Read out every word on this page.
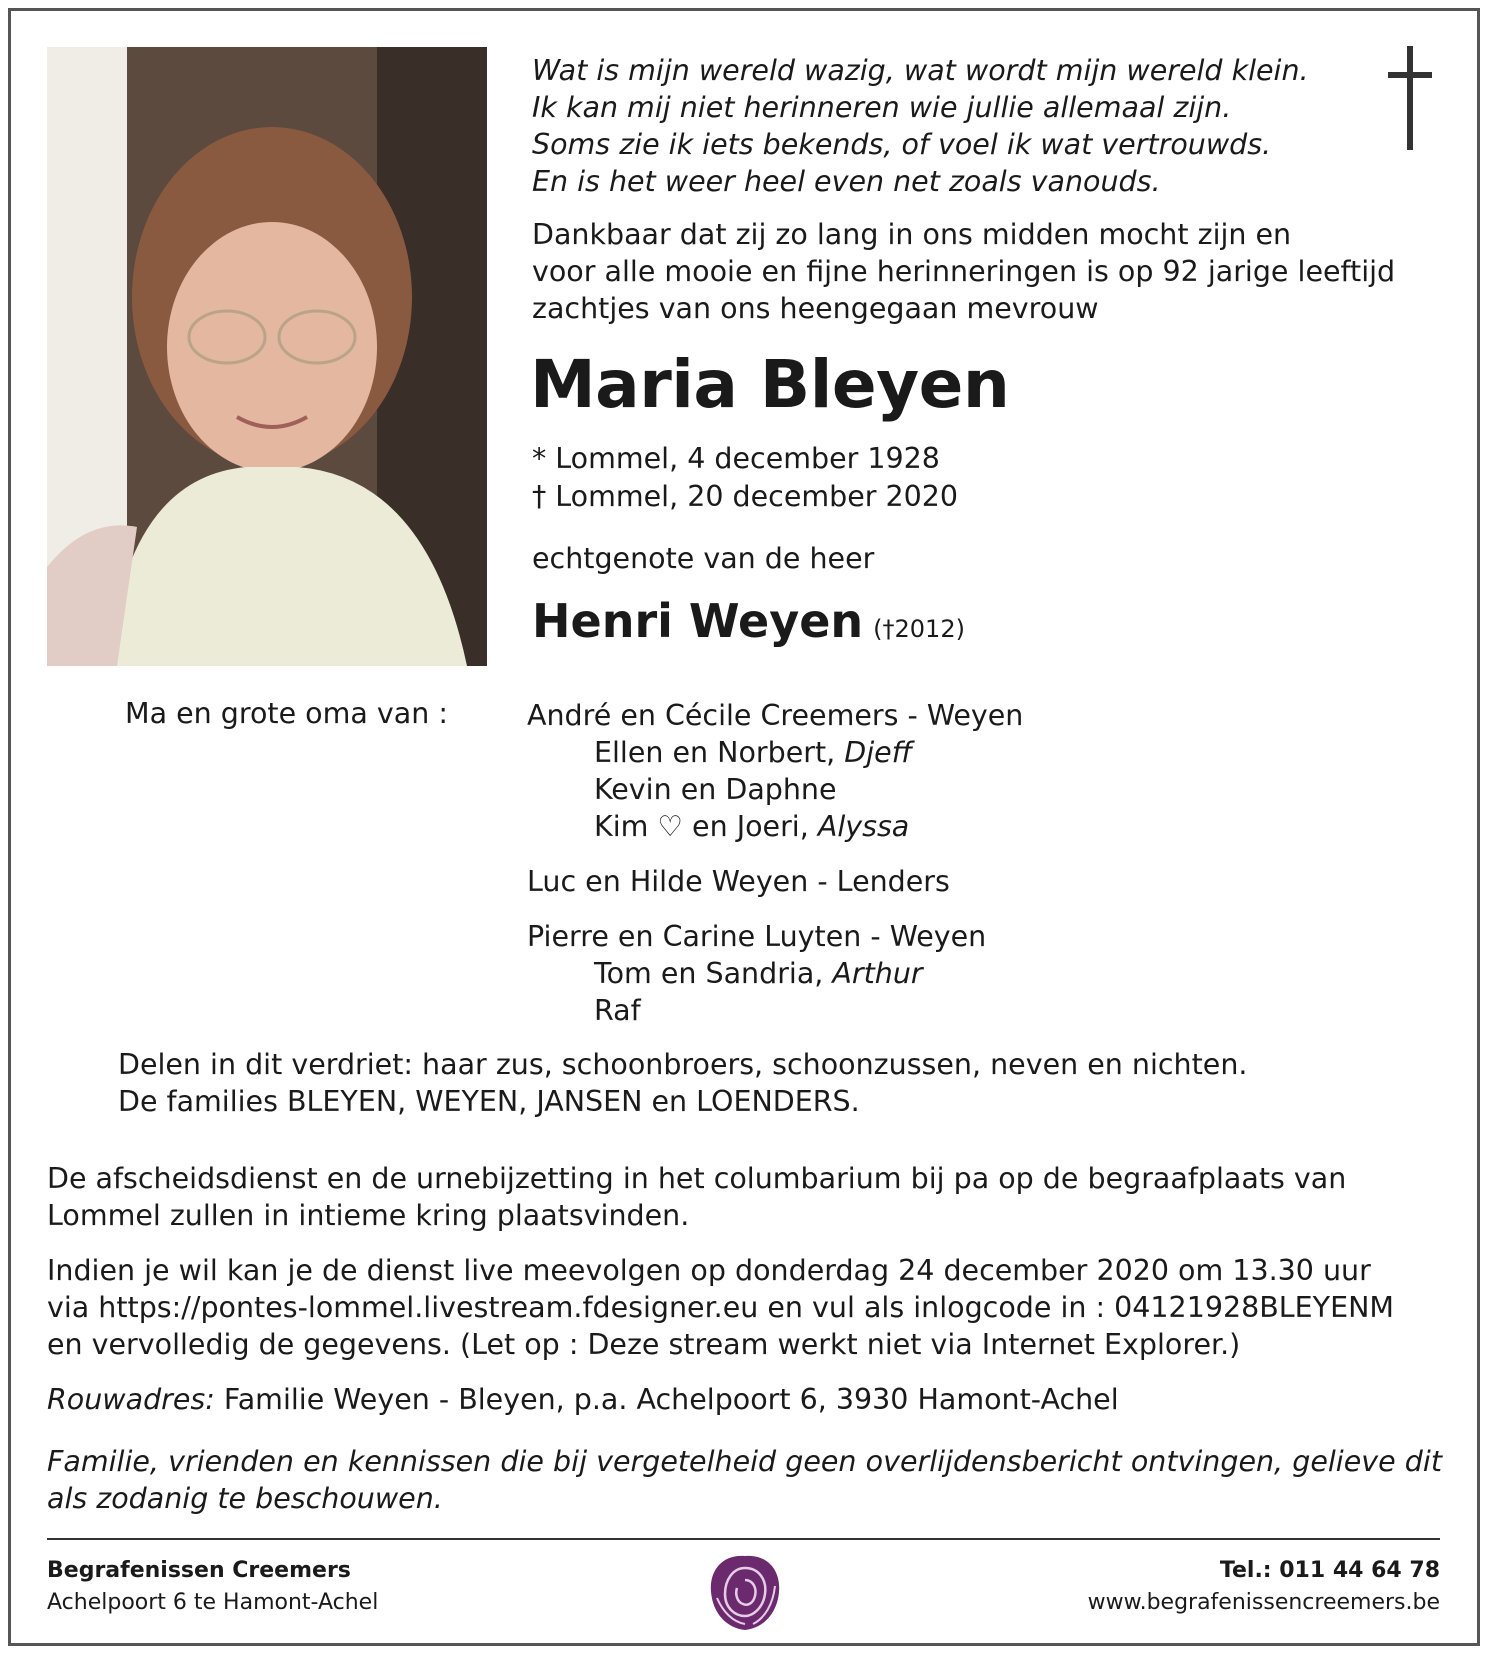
Wat is mijn wereld wazig, wat wordt mijn wereld klein.
Ik kan mij niet herinneren wie jullie allemaal zijn.
Soms zie ik iets bekends, of voel ik wat vertrouwds.
En is het weer heel even net zoals vanouds.
Dankbaar dat zij zo lang in ons midden mocht zijn en
voor alle mooie en fijne herinneringen is op 92 jarige leeftijd
zachtjes van ons heengegaan mevrouw
Maria Bleyen
* Lommel, 4 december 1928
† Lommel, 20 december 2020
echtgenote van de heer
Henri Weyen (†2012)
Ma en grote oma van :	André en Cécile Creemers - Weyen
Ellen en Norbert, Djeff
Kevin en Daphne
Kim ♡ en Joeri, Alyssa
Luc en Hilde Weyen - Lenders
Pierre en Carine Luyten - Weyen
Tom en Sandria, Arthur
Raf
Delen in dit verdriet: haar zus, schoonbroers, schoonzussen, neven en nichten.
De families BLEYEN, WEYEN, JANSEN en LOENDERS.
De afscheidsdienst en de urnebijzetting in het columbarium bij pa op de begraafplaats van Lommel zullen in intieme kring plaatsvinden.
Indien je wil kan je de dienst live meevolgen op donderdag 24 december 2020 om 13.30 uur
via https://pontes-lommel.livestream.fdesigner.eu en vul als inlogcode in : 04121928BLEYENM
en vervolledig de gegevens. (Let op : Deze stream werkt niet via Internet Explorer.)
Rouwadres: Familie Weyen - Bleyen, p.a. Achelpoort 6, 3930 Hamont-Achel
Familie, vrienden en kennissen die bij vergetelheid geen overlijdensbericht ontvingen, gelieve dit als zodanig te beschouwen.
Begrafenissen Creemers
Achelpoort 6 te Hamont-Achel
Tel.: 011 44 64 78
www.begrafenissencreemers.be
